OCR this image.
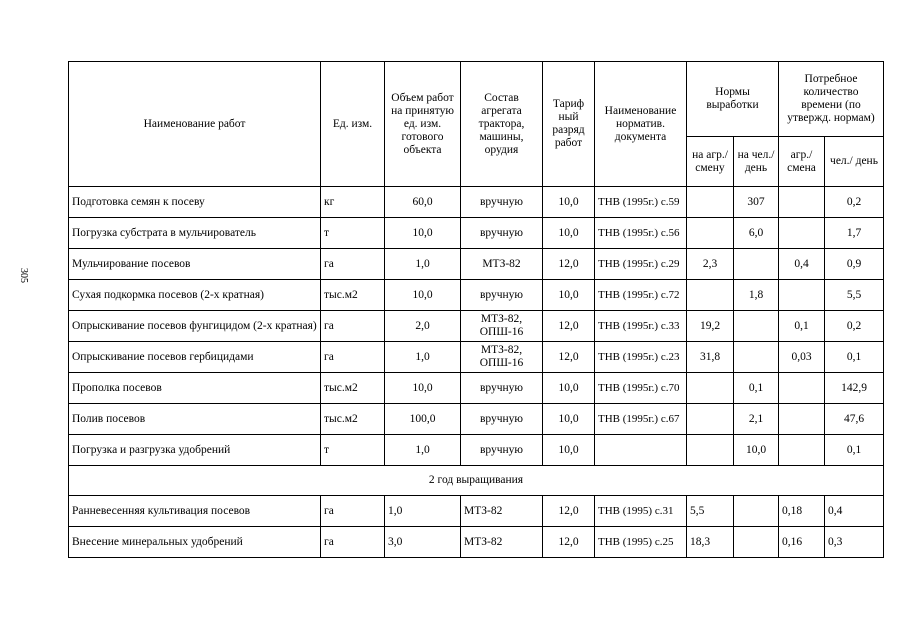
305
Наименование работ	Ед. изм.	Объем работ на принятую ед. изм. готового объекта	Состав агрегата трактора, машины, орудия	Тариф ный разряд работ	Наименование норматив. документа	Нормы выработки		Потребное количество времени (по утвержд. нормам)	
						на агр./ смену	на чел./ день	агр./ смена	чел./ день
Подготовка семян к посеву	кг	60,0	вручную	10,0	ТНВ (1995г.) с.59		307		0,2
Погрузка субстрата в мульчирователь	т	10,0	вручную	10,0	ТНВ (1995г.) с.56		6,0		1,7
Мульчирование посевов	га	1,0	МТЗ-82	12,0	ТНВ (1995г.) с.29	2,3		0,4	0,9
Сухая подкормка посевов (2-х кратная)	тыс.м2	10,0	вручную	10,0	ТНВ (1995г.) с.72		1,8		5,5
Опрыскивание посевов фунгицидом (2-х кратная)	га	2,0	МТЗ-82, ОПШ-16	12,0	ТНВ (1995г.) с.33	19,2		0,1	0,2
Опрыскивание посевов гербицидами	га	1,0	МТЗ-82, ОПШ-16	12,0	ТНВ (1995г.) с.23	31,8		0,03	0,1
Прополка посевов	тыс.м2	10,0	вручную	10,0	ТНВ (1995г.) с.70		0,1		142,9
Полив посевов	тыс.м2	100,0	вручную	10,0	ТНВ (1995г.) с.67		2,1		47,6
Погрузка и разгрузка удобрений	т	1,0	вручную	10,0			10,0		0,1
2 год выращивания									
Ранневесенняя культивация посевов	га	1,0	МТЗ-82	12,0	ТНВ (1995) с.31	5,5		0,18	0,4
Внесение минеральных удобрений	га	3,0	МТЗ-82	12,0	ТНВ (1995) с.25	18,3		0,16	0,3
